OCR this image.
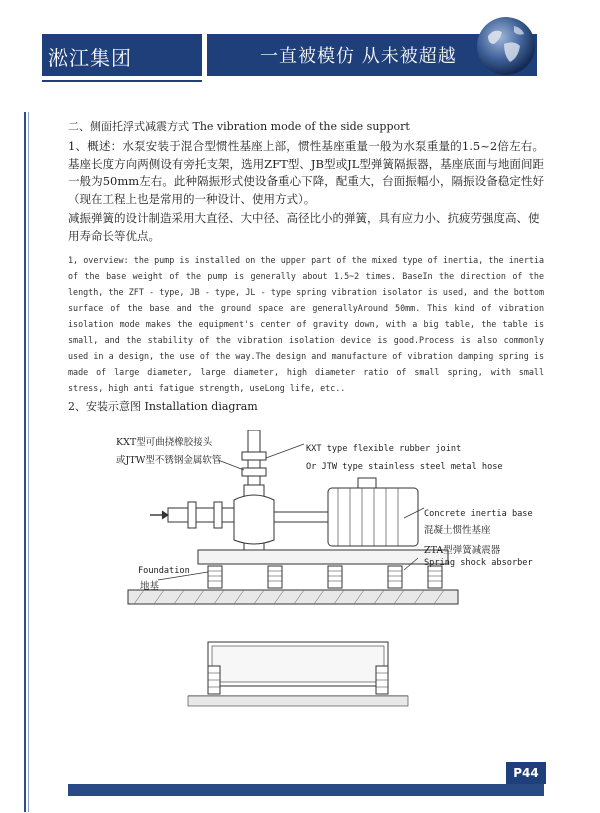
淞江集团	一直被模仿 从未被超越
二、侧面托浮式减震方式 The vibration mode of the side support
1、概述：水泵安装于混合型惯性基座上部，惯性基座重量一般为水泵重量的1.5~2倍左右。基座长度方向两侧设有旁托支架，选用ZFT型、JB型或JL型弹簧隔振器，基座底面与地面间距一般为50mm左右。此种隔振形式使设备重心下降，配重大，台面振幅小，隔振设备稳定性好（现在工程上也是常用的一种设计、使用方式）。
减振弹簧的设计制造采用大直径、大中径、高径比小的弹簧，具有应力小、抗疲劳强度高、使用寿命长等优点。
1, overview: the pump is installed on the upper part of the mixed type of inertia, the inertia of the base weight of the pump is generally about 1.5~2 times. BaseIn the direction of the length, the ZFT - type, JB - type, JL - type spring vibration isolator is used, and the bottom surface of the base and the ground space are generallyAround 50mm. This kind of vibration isolation mode makes the equipment's center of gravity down, with a big table, the table is small, and the stability of the vibration isolation device is good.Process is also commonly used in a design, the use of the way.The design and manufacture of vibration damping spring is made of large diameter, large diameter, high diameter ratio of small spring, with small stress, high anti fatigue strength, useLong life, etc..
2、安装示意图 Installation diagram
KXT型可曲挠橡胶接头
或JTW型不锈钢金属软管
KXT type flexible rubber joint
Or JTW type stainless steel metal hose
Concrete inertia base
混凝土惯性基座
ZTA型弹簧减震器
Spring shock absorber
Foundation
地基
P44
